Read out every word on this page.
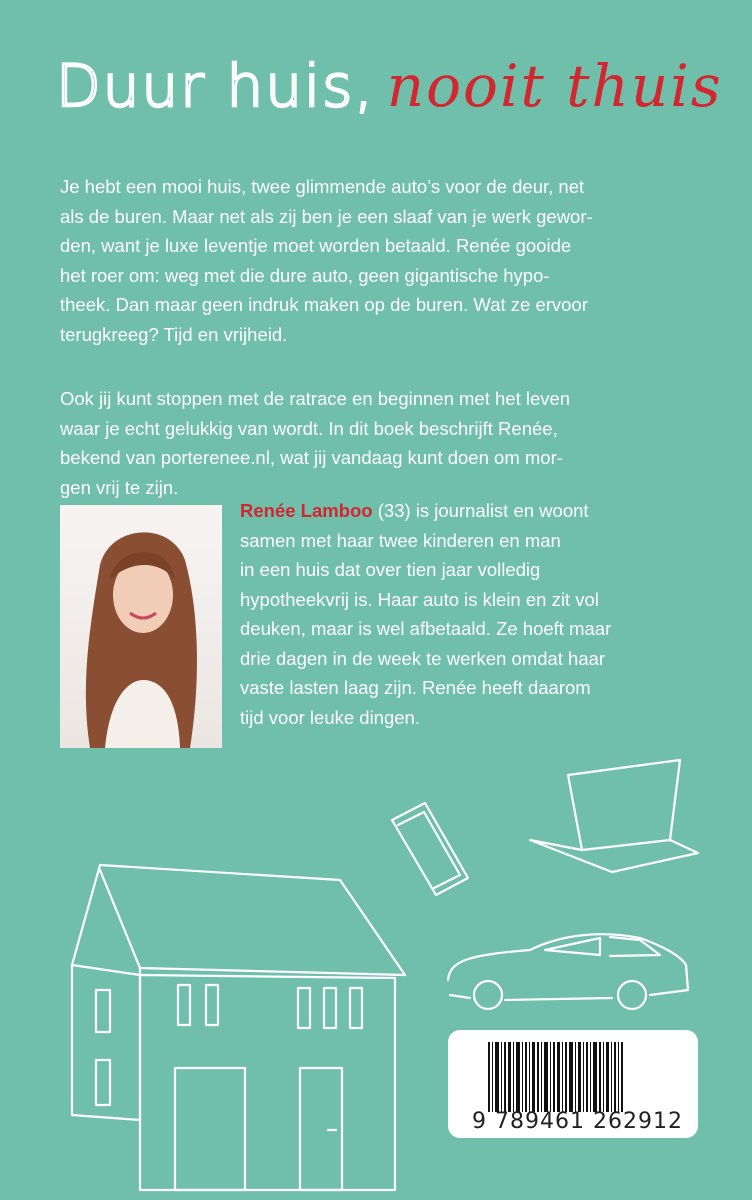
Duur huis, nooit thuis
Je hebt een mooi huis, twee glimmende auto’s voor de deur, net
als de buren. Maar net als zij ben je een slaaf van je werk gewor-
den, want je luxe leventje moet worden betaald. Renée gooide
het roer om: weg met die dure auto, geen gigantische hypo-
theek. Dan maar geen indruk maken op de buren. Wat ze ervoor
terugkreeg? Tijd en vrijheid.
Ook jij kunt stoppen met de ratrace en beginnen met het leven
waar je echt gelukkig van wordt. In dit boek beschrijft Renée,
bekend van porterenee.nl, wat jij vandaag kunt doen om mor-
gen vrij te zijn.
Renée Lamboo (33) is journalist en woont
samen met haar twee kinderen en man
in een huis dat over tien jaar volledig
hypotheekvrij is. Haar auto is klein en zit vol
deuken, maar is wel afbetaald. Ze hoeft maar
drie dagen in de week te werken omdat haar
vaste lasten laag zijn. Renée heeft daarom
tijd voor leuke dingen.
9 789461 262912
